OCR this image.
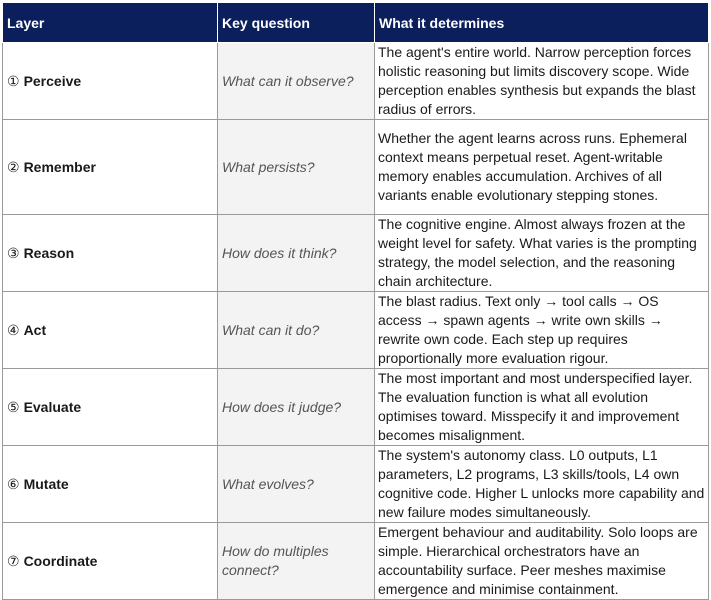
Layer	Key question	What it determines
① Perceive	What can it observe?	The agent's entire world. Narrow perception forces holistic reasoning but limits discovery scope. Wide perception enables synthesis but expands the blast radius of errors.
② Remember	What persists?	Whether the agent learns across runs. Ephemeral context means perpetual reset. Agent-writable memory enables accumulation. Archives of all variants enable evolutionary stepping stones.
③ Reason	How does it think?	The cognitive engine. Almost always frozen at the weight level for safety. What varies is the prompting strategy, the model selection, and the reasoning chain architecture.
④ Act	What can it do?	The blast radius. Text only → tool calls → OS access → spawn agents → write own skills → rewrite own code. Each step up requires proportionally more evaluation rigour.
⑤ Evaluate	How does it judge?	The most important and most underspecified layer. The evaluation function is what all evolution optimises toward. Misspecify it and improvement becomes misalignment.
⑥ Mutate	What evolves?	The system's autonomy class. L0 outputs, L1 parameters, L2 programs, L3 skills/tools, L4 own cognitive code. Higher L unlocks more capability and new failure modes simultaneously.
⑦ Coordinate	How do multiples connect?	Emergent behaviour and auditability. Solo loops are simple. Hierarchical orchestrators have an accountability surface. Peer meshes maximise emergence and minimise containment.
